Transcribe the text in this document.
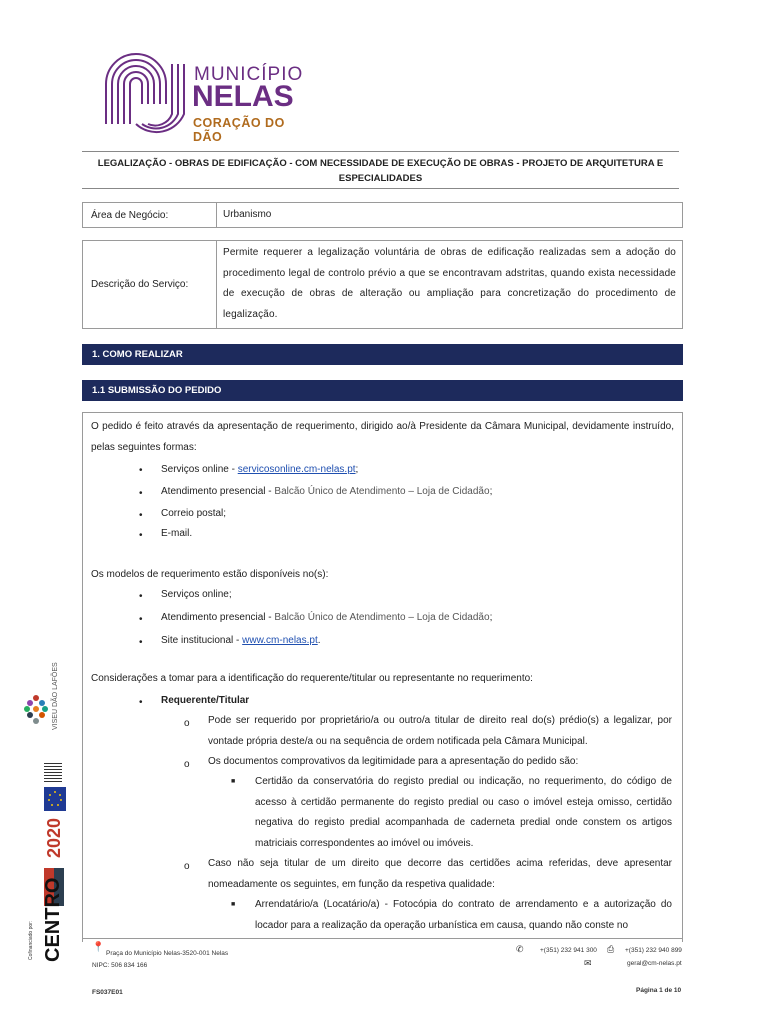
MUNICÍPIO
NELAS
CORAÇÃO DO DÃO
LEGALIZAÇÃO - OBRAS DE EDIFICAÇÃO - COM NECESSIDADE DE EXECUÇÃO DE OBRAS - PROJETO DE ARQUITETURA E ESPECIALIDADES
Área de Negócio:	Urbanismo
Descrição do Serviço:
Permite requerer a legalização voluntária de obras de edificação realizadas sem a adoção do procedimento legal de controlo prévio a que se encontravam adstritas, quando exista necessidade de execução de obras de alteração ou ampliação para concretização do procedimento de legalização.
1. COMO REALIZAR
1.1 SUBMISSÃO DO PEDIDO
O pedido é feito através da apresentação de requerimento, dirigido ao/à Presidente da Câmara Municipal, devidamente instruído, pelas seguintes formas:
• Serviços online - servicosonline.cm-nelas.pt;
• Atendimento presencial - Balcão Único de Atendimento – Loja de Cidadão;
• Correio postal;
• E-mail.
Os modelos de requerimento estão disponíveis no(s):
• Serviços online;
• Atendimento presencial - Balcão Único de Atendimento – Loja de Cidadão;
• Site institucional - www.cm-nelas.pt.
Considerações a tomar para a identificação do requerente/titular ou representante no requerimento:
• Requerente/Titular
o Pode ser requerido por proprietário/a ou outro/a titular de direito real do(s) prédio(s) a legalizar, por vontade própria deste/a ou na sequência de ordem notificada pela Câmara Municipal.
o Os documentos comprovativos da legitimidade para a apresentação do pedido são:
■ Certidão da conservatória do registo predial ou indicação, no requerimento, do código de acesso à certidão permanente do registo predial ou caso o imóvel esteja omisso, certidão negativa do registo predial acompanhada de caderneta predial onde constem os artigos matriciais correspondentes ao imóvel ou imóveis.
o Caso não seja titular de um direito que decorre das certidões acima referidas, deve apresentar nomeadamente os seguintes, em função da respetiva qualidade:
■ Arrendatário/a (Locatário/a) - Fotocópia do contrato de arrendamento e a autorização do locador para a realização da operação urbanística em causa, quando não conste no
VISEU DÃO LAFÕES
2020
CENTRO
Cofinanciado por:	📍
Praça do Município Nelas-3520-001 Nelas
NIPC: 506 834 166
✆	+(351) 232 941 300 ⎙ +(351) 232 940 899
✉	geral@cm-nelas.pt
FS037E01	Página 1 de 10
